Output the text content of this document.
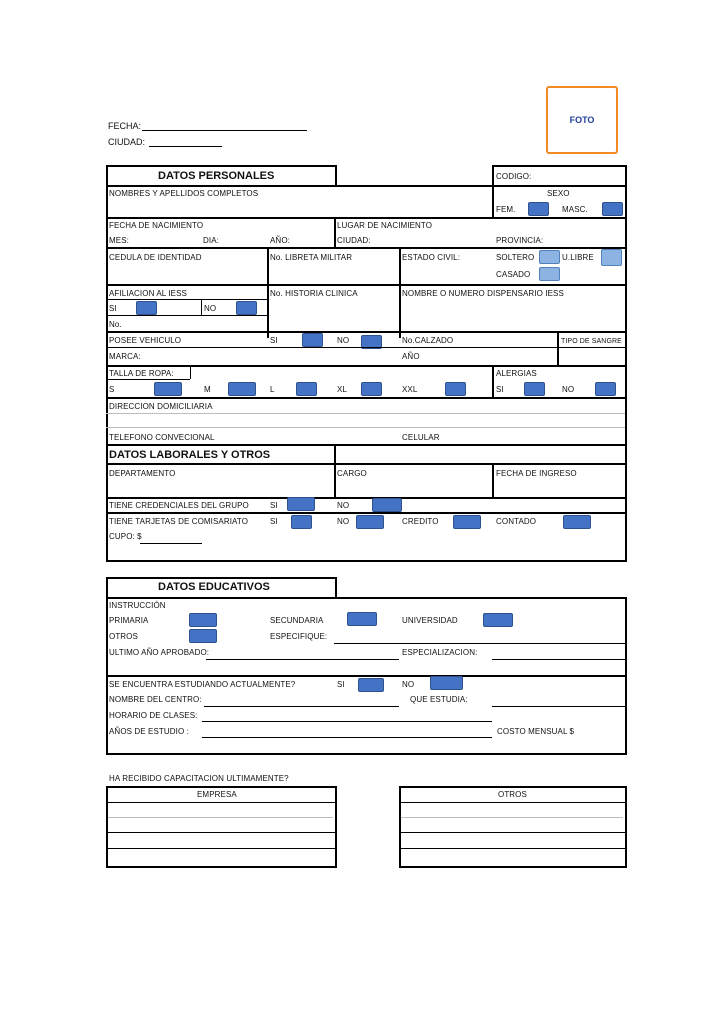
FOTO
FECHA:
CIUDAD:
DATOS PERSONALES	CODIGO:
NOMBRES Y APELLIDOS COMPLETOS	SEXO
FEM.	MASC.
FECHA DE NACIMIENTO	LUGAR DE NACIMIENTO
MES:	DIA:	AÑO:	CIUDAD:	PROVINCIA:
CEDULA DE IDENTIDAD	No. LIBRETA MILITAR	ESTADO CIVIL:	SOLTERO	U.LIBRE
CASADO
AFILIACION AL IESS	No. HISTORIA CLINICA	NOMBRE O NUMERO DISPENSARIO IESS
SI	NO
No.
POSEE VEHICULO	SI	NO	No.CALZADO	TIPO DE SANGRE
MARCA:	AÑO
TALLA DE ROPA:	ALERGIAS
S	M	L	XL	XXL	SI	NO
DIRECCION DOMICILIARIA
TELEFONO CONVECIONAL	CELULAR
DATOS LABORALES Y OTROS
DEPARTAMENTO	CARGO	FECHA DE INGRESO
TIENE CREDENCIALES DEL GRUPO	SI	NO
TIENE TARJETAS DE COMISARIATO	SI	NO	CREDITO	CONTADO
CUPO: $
DATOS EDUCATIVOS
INSTRUCCIÓN
PRIMARIA	SECUNDARIA	UNIVERSIDAD
OTROS	ESPECIFIQUE:
ULTIMO AÑO APROBADO:	ESPECIALIZACION:
SE ENCUENTRA ESTUDIANDO ACTUALMENTE?	SI	NO
NOMBRE DEL CENTRO:	QUE ESTUDIA:
HORARIO DE CLASES:
AÑOS DE ESTUDIO :	COSTO MENSUAL $
HA RECIBIDO CAPACITACION ULTIMAMENTE?
EMPRESA	OTROS
